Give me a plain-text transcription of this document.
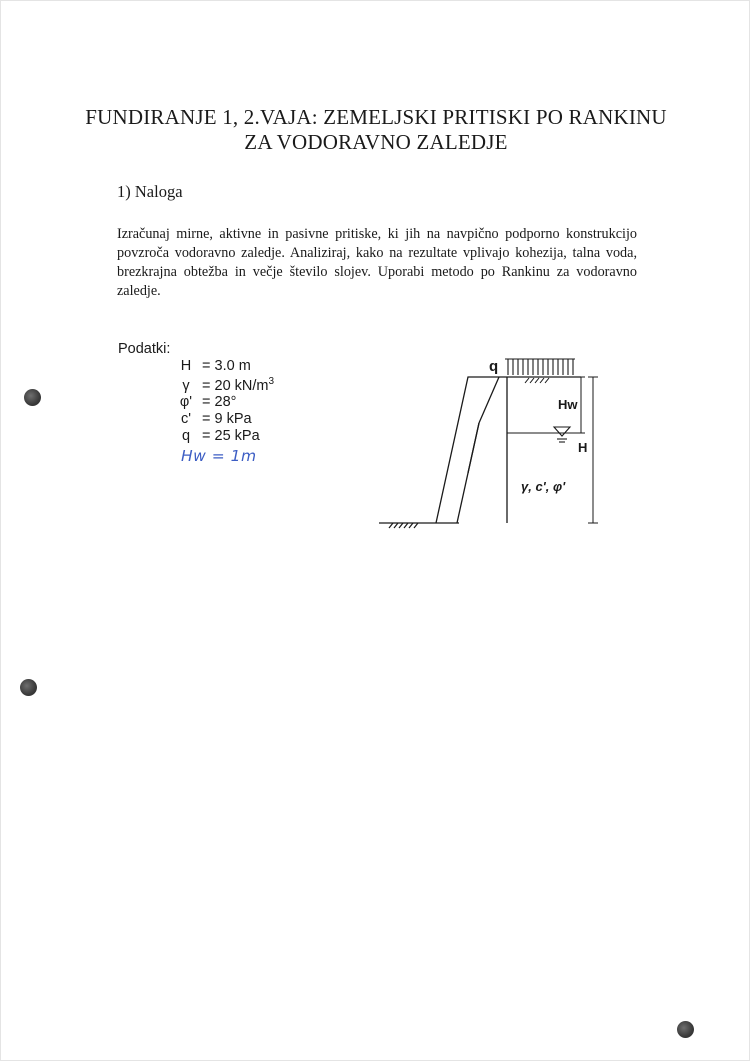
FUNDIRANJE 1, 2.VAJA: ZEMELJSKI PRITISKI PO RANKINU ZA VODORAVNO ZALEDJE
1) Naloga
Izračunaj mirne, aktivne in pasivne pritiske, ki jih na navpično podporno konstrukcijo povzroča vodoravno zaledje. Analiziraj, kako na rezultate vplivajo kohezija, talna voda, brezkrajna obtežba in večje število slojev. Uporabi metodo po Rankinu za vodoravno zaledje.
Podatki:
H = 3.0 m
γ = 20 $kN/m^3$
φ' = 28°
c' = 9 kPa
q = 25 kPa
Hw = 1m
q
Hw
H
γ, c', φ'
